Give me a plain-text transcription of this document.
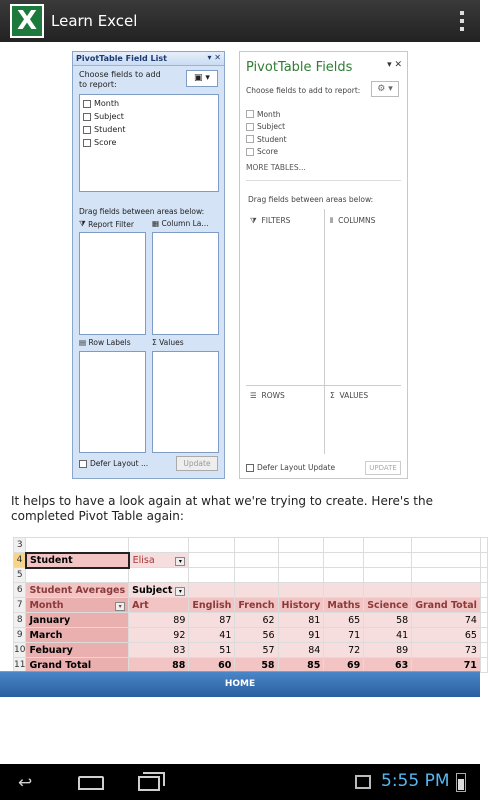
X Learn Excel
PivotTable Field List	▾ ✕
Choose fields to add to report:
▣ ▾
Month
Subject
Student
Score
Drag fields between areas below:
⧩ Report Filter ▦ Column La...
▤ Row Labels	Σ Values
Defer Layout ...	Update
PivotTable Fields	▾ ✕
Choose fields to add to report:	⚙ ▾
Month
Subject
Student
Score
MORE TABLES...
Drag fields between areas below:
⧩  FILTERS	⦀  COLUMNS
☰  ROWS	Σ  VALUES
Defer Layout Update	UPDATE
It helps to have a look again at what we're trying to create. Here's the completed Pivot Table again:
3									
4	Student	Elisa ▾							

5									
6	Student Averages	Subject ▾							
7	Month ▾	Art	English	French	History	Maths	Science	Grand Total	
8	January	89	87	62	81	65	58	74	
9	March	92	41	56	91	71	41	65	
10	Febuary	83	51	57	84	72	89	73	
11	Grand Total	88	60	58	85	69	63	71	
HOME
↩	5:55 PM
